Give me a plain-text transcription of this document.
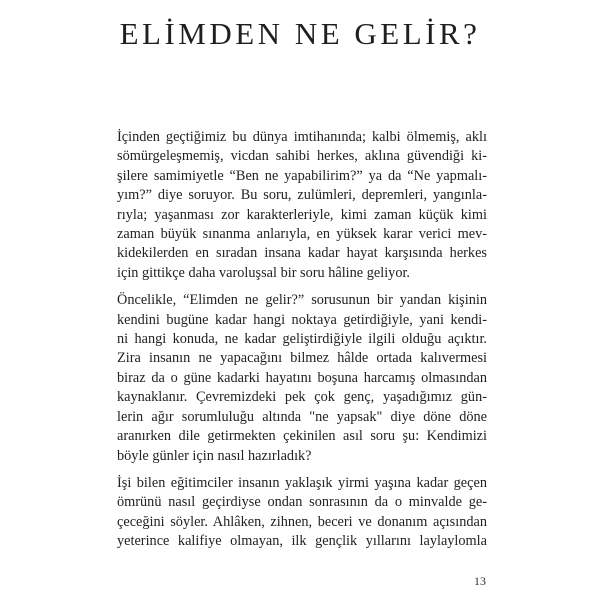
ELİMDEN NE GELİR?

İçinden geçtiğimiz bu dünya imtihanında; kalbi ölmemiş, aklı
sömürgeleşmemiş, vicdan sahibi herkes, aklına güvendiği ki-
şilere samimiyetle “Ben ne yapabilirim?” ya da “Ne yapmalı-
yım?” diye soruyor. Bu soru, zulümleri, depremleri, yangınla-
rıyla; yaşanması zor karakterleriyle, kimi zaman küçük kimi
zaman büyük sınanma anlarıyla, en yüksek karar verici mev-
kidekilerden en sıradan insana kadar hayat karşısında herkes
için gittikçe daha varoluşsal bir soru hâline geliyor.

Öncelikle, “Elimden ne gelir?” sorusunun bir yandan kişinin
kendini bugüne kadar hangi noktaya getirdiğiyle, yani kendi-
ni hangi konuda, ne kadar geliştirdiğiyle ilgili olduğu açıktır.
Zira insanın ne yapacağını bilmez hâlde ortada kalıvermesi
biraz da o güne kadarki hayatını boşuna harcamış olmasından
kaynaklanır. Çevremizdeki pek çok genç, yaşadığımız gün-
lerin ağır sorumluluğu altında "ne yapsak" diye döne döne
aranırken dile getirmekten çekinilen asıl soru şu: Kendimizi
böyle günler için nasıl hazırladık?

İşi bilen eğitimciler insanın yaklaşık yirmi yaşına kadar geçen
ömrünü nasıl geçirdiyse ondan sonrasının da o minvalde ge-
çeceğini söyler. Ahlâken, zihnen, beceri ve donanım açısından
yeterince kalifiye olmayan, ilk gençlik yıllarını laylaylomla

13
